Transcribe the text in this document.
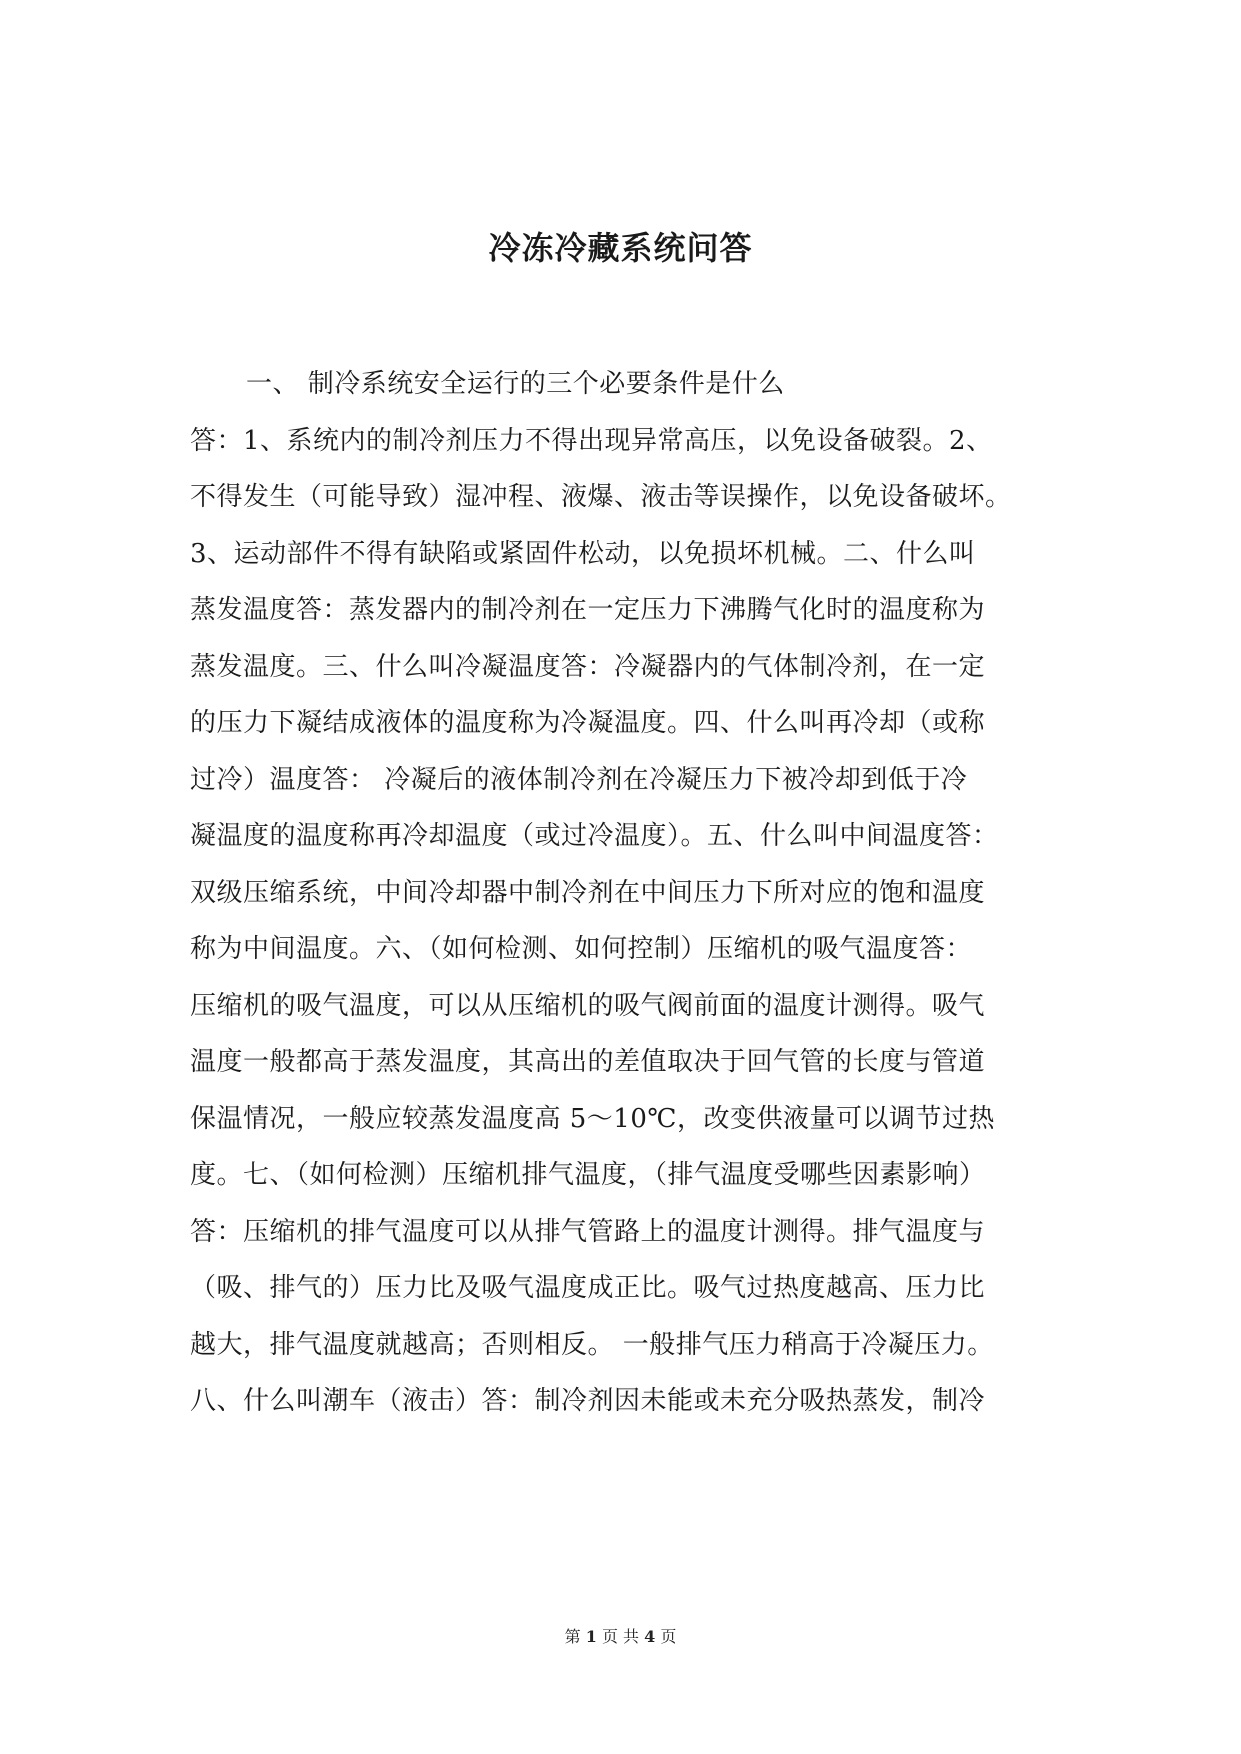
冷冻冷藏系统问答
一、 制冷系统安全运行的三个必要条件是什么
答：1、系统内的制冷剂压力不得出现异常高压，以免设备破裂。2、
不得发生（可能导致）湿冲程、液爆、液击等误操作，以免设备破坏。
3、运动部件不得有缺陷或紧固件松动，以免损坏机械。二、什么叫
蒸发温度答：蒸发器内的制冷剂在一定压力下沸腾气化时的温度称为
蒸发温度。三、什么叫冷凝温度答：冷凝器内的气体制冷剂，在一定
的压力下凝结成液体的温度称为冷凝温度。四、什么叫再冷却（或称
过冷）温度答： 冷凝后的液体制冷剂在冷凝压力下被冷却到低于冷
凝温度的温度称再冷却温度（或过冷温度）。五、什么叫中间温度答：
双级压缩系统，中间冷却器中制冷剂在中间压力下所对应的饱和温度
称为中间温度。六、（如何检测、如何控制）压缩机的吸气温度答：
压缩机的吸气温度，可以从压缩机的吸气阀前面的温度计测得。吸气
温度一般都高于蒸发温度，其高出的差值取决于回气管的长度与管道
保温情况，一般应较蒸发温度高 5～10℃，改变供液量可以调节过热
度。七、（如何检测）压缩机排气温度，（排气温度受哪些因素影响）
答：压缩机的排气温度可以从排气管路上的温度计测得。排气温度与
（吸、排气的）压力比及吸气温度成正比。吸气过热度越高、压力比
越大，排气温度就越高；否则相反。 一般排气压力稍高于冷凝压力。
八、什么叫潮车（液击）答：制冷剂因未能或未充分吸热蒸发，制冷
第 1 页 共 4 页
